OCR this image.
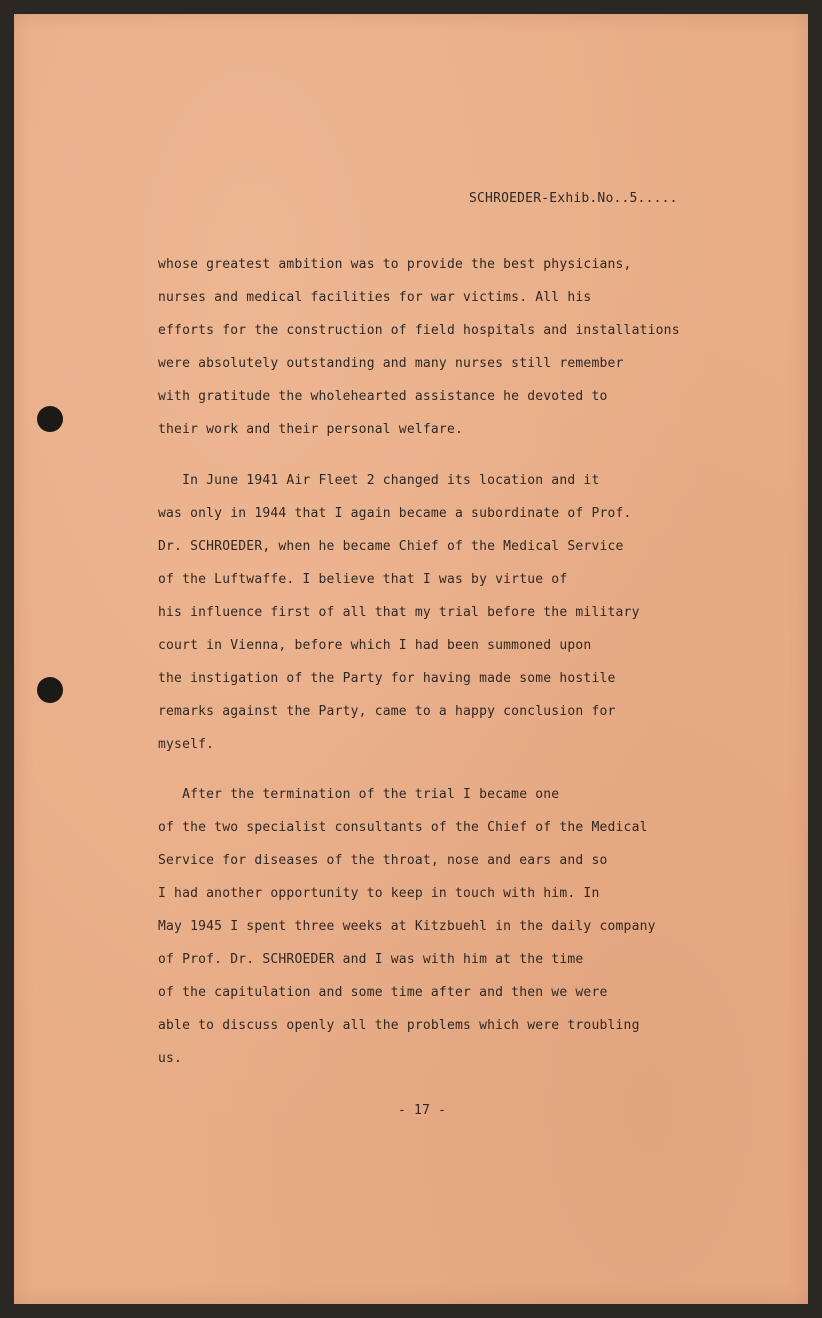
SCHROEDER-Exhib.No..5.....
whose greatest ambition was to provide the best physicians,
nurses and medical facilities for war victims. All his
efforts for the construction of field hospitals and installations
were absolutely outstanding and many nurses still remember
with gratitude the wholehearted assistance he devoted to
their work and their personal welfare.
In June 1941 Air Fleet 2 changed its location and it
was only in 1944 that I again became a subordinate of Prof.
Dr. SCHROEDER, when he became Chief of the Medical Service
of the Luftwaffe. I believe that I was by virtue of
his influence first of all that my trial before the military
court in Vienna, before which I had been summoned upon
the instigation of the Party for having made some hostile
remarks against the Party, came to a happy conclusion for
myself.
After the termination of the trial I became one
of the two specialist consultants of the Chief of the Medical
Service for diseases of the throat, nose and ears and so
I had another opportunity to keep in touch with him. In
May 1945 I spent three weeks at Kitzbuehl in the daily company
of Prof. Dr. SCHROEDER and I was with him at the time
of the capitulation and some time after and then we were
able to discuss openly all the problems which were troubling
us.
- 17 -
